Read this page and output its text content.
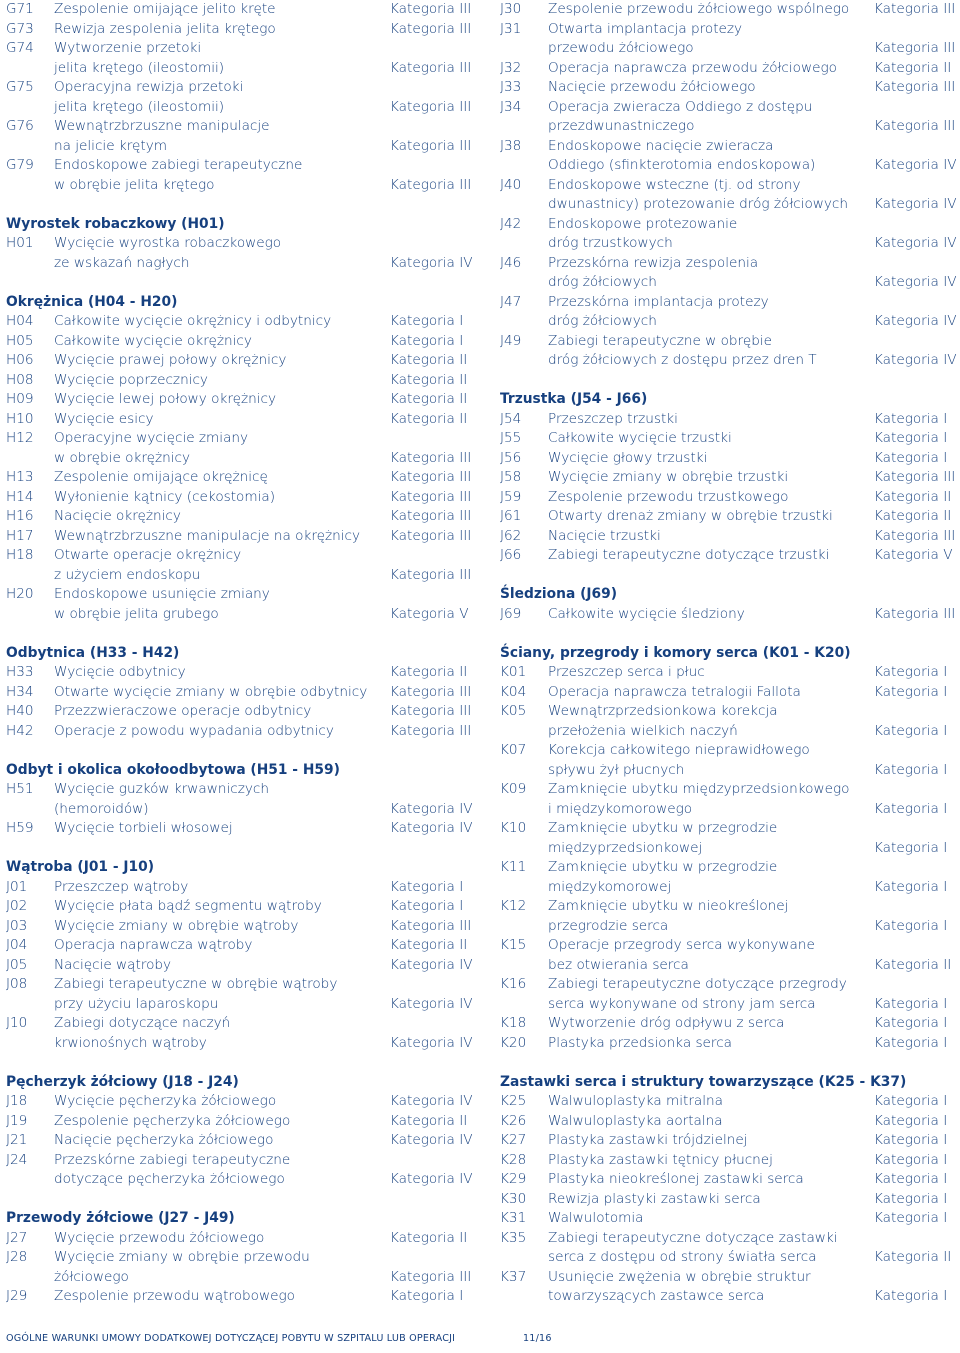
G71	Zespolenie omijające jelito kręte	Kategoria III
G73	Rewizja zespolenia jelita krętego	Kategoria III
G74	Wytworzenie przetoki
jelita krętego (ileostomii)	Kategoria III
G75	Operacyjna rewizja przetoki
jelita krętego (ileostomii)	Kategoria III
G76	Wewnątrzbrzuszne manipulacje
na jelicie krętym	Kategoria III
G79	Endoskopowe zabiegi terapeutyczne
w obrębie jelita krętego	Kategoria III
Wyrostek robaczkowy (H01)
H01	Wycięcie wyrostka robaczkowego
ze wskazań nagłych	Kategoria IV
Okrężnica (H04 - H20)
H04	Całkowite wycięcie okrężnicy i odbytnicy	Kategoria I
H05	Całkowite wycięcie okrężnicy	Kategoria I
H06	Wycięcie prawej połowy okrężnicy	Kategoria II
H08	Wycięcie poprzecznicy	Kategoria II
H09	Wycięcie lewej połowy okrężnicy	Kategoria II
H10	Wycięcie esicy	Kategoria II
H12	Operacyjne wycięcie zmiany
w obrębie okrężnicy	Kategoria III
H13	Zespolenie omijające okrężnicę	Kategoria III
H14	Wyłonienie kątnicy (cekostomia)	Kategoria III
H16	Nacięcie okrężnicy	Kategoria III
H17	Wewnątrzbrzuszne manipulacje na okrężnicy	Kategoria III
H18	Otwarte operacje okrężnicy
z użyciem endoskopu	Kategoria III
H20	Endoskopowe usunięcie zmiany
w obrębie jelita grubego	Kategoria V
Odbytnica (H33 - H42)
H33	Wycięcie odbytnicy	Kategoria II
H34	Otwarte wycięcie zmiany w obrębie odbytnicy	Kategoria III
H40	Przezzwieraczowe operacje odbytnicy	Kategoria III
H42	Operacje z powodu wypadania odbytnicy	Kategoria III
Odbyt i okolica okołoodbytowa (H51 - H59)
H51	Wycięcie guzków krwawniczych
(hemoroidów)	Kategoria IV
H59	Wycięcie torbieli włosowej	Kategoria IV
Wątroba (J01 - J10)
J01	Przeszczep wątroby	Kategoria I
J02	Wycięcie płata bądź segmentu wątroby	Kategoria I
J03	Wycięcie zmiany w obrębie wątroby	Kategoria III
J04	Operacja naprawcza wątroby	Kategoria II
J05	Nacięcie wątroby	Kategoria IV
J08	Zabiegi terapeutyczne w obrębie wątroby
przy użyciu laparoskopu	Kategoria IV
J10	Zabiegi dotyczące naczyń
krwionośnych wątroby	Kategoria IV
Pęcherzyk żółciowy (J18 - J24)
J18	Wycięcie pęcherzyka żółciowego	Kategoria IV
J19	Zespolenie pęcherzyka żółciowego	Kategoria II
J21	Nacięcie pęcherzyka żółciowego	Kategoria IV
J24	Przezskórne zabiegi terapeutyczne
dotyczące pęcherzyka żółciowego	Kategoria IV
Przewody żółciowe (J27 - J49)
J27	Wycięcie przewodu żółciowego	Kategoria II
J28	Wycięcie zmiany w obrębie przewodu
żółciowego	Kategoria III
J29	Zespolenie przewodu wątrobowego	Kategoria I
J30	Zespolenie przewodu żółciowego wspólnego	Kategoria III
J31	Otwarta implantacja protezy
przewodu żółciowego	Kategoria III
J32	Operacja naprawcza przewodu żółciowego	Kategoria II
J33	Nacięcie przewodu żółciowego	Kategoria III
J34	Operacja zwieracza Oddiego z dostępu
przezdwunastniczego	Kategoria III
J38	Endoskopowe nacięcie zwieracza
Oddiego (sfinkterotomia endoskopowa)	Kategoria IV
J40	Endoskopowe wsteczne (tj. od strony
dwunastnicy) protezowanie dróg żółciowych	Kategoria IV
J42	Endoskopowe protezowanie
dróg trzustkowych	Kategoria IV
J46	Przezskórna rewizja zespolenia
dróg żółciowych	Kategoria IV
J47	Przezskórna implantacja protezy
dróg żółciowych	Kategoria IV
J49	Zabiegi terapeutyczne w obrębie
dróg żółciowych z dostępu przez dren T	Kategoria IV
Trzustka (J54 - J66)
J54	Przeszczep trzustki	Kategoria I
J55	Całkowite wycięcie trzustki	Kategoria I
J56	Wycięcie głowy trzustki	Kategoria I
J58	Wycięcie zmiany w obrębie trzustki	Kategoria III
J59	Zespolenie przewodu trzustkowego	Kategoria II
J61	Otwarty drenaż zmiany w obrębie trzustki	Kategoria II
J62	Nacięcie trzustki	Kategoria III
J66	Zabiegi terapeutyczne dotyczące trzustki	Kategoria V
Śledziona (J69)
J69	Całkowite wycięcie śledziony	Kategoria III
Ściany, przegrody i komory serca (K01 - K20)
K01	Przeszczep serca i płuc	Kategoria I
K04	Operacja naprawcza tetralogii Fallota	Kategoria I
K05	Wewnątrzprzedsionkowa korekcja
przełożenia wielkich naczyń	Kategoria I
K07	Korekcja całkowitego nieprawidłowego
spływu żył płucnych	Kategoria I
K09	Zamknięcie ubytku międzyprzedsionkowego
i międzykomorowego	Kategoria I
K10	Zamknięcie ubytku w przegrodzie
międzyprzedsionkowej	Kategoria I
K11	Zamknięcie ubytku w przegrodzie
międzykomorowej	Kategoria I
K12	Zamknięcie ubytku w nieokreślonej
przegrodzie serca	Kategoria I
K15	Operacje przegrody serca wykonywane
bez otwierania serca	Kategoria II
K16	Zabiegi terapeutyczne dotyczące przegrody
serca wykonywane od strony jam serca	Kategoria I
K18	Wytworzenie dróg odpływu z serca	Kategoria I
K20	Plastyka przedsionka serca	Kategoria I
Zastawki serca i struktury towarzyszące (K25 - K37)
K25	Walwuloplastyka mitralna	Kategoria I
K26	Walwuloplastyka aortalna	Kategoria I
K27	Plastyka zastawki trójdzielnej	Kategoria I
K28	Plastyka zastawki tętnicy płucnej	Kategoria I
K29	Plastyka nieokreślonej zastawki serca	Kategoria I
K30	Rewizja plastyki zastawki serca	Kategoria I
K31	Walwulotomia	Kategoria I
K35	Zabiegi terapeutyczne dotyczące zastawki
serca z dostępu od strony światła serca	Kategoria II
K37	Usunięcie zwężenia w obrębie struktur
towarzyszących zastawce serca	Kategoria I
OGÓLNE WARUNKI UMOWY DODATKOWEJ DOTYCZĄCEJ POBYTU W SZPITALU LUB OPERACJI	11/16
